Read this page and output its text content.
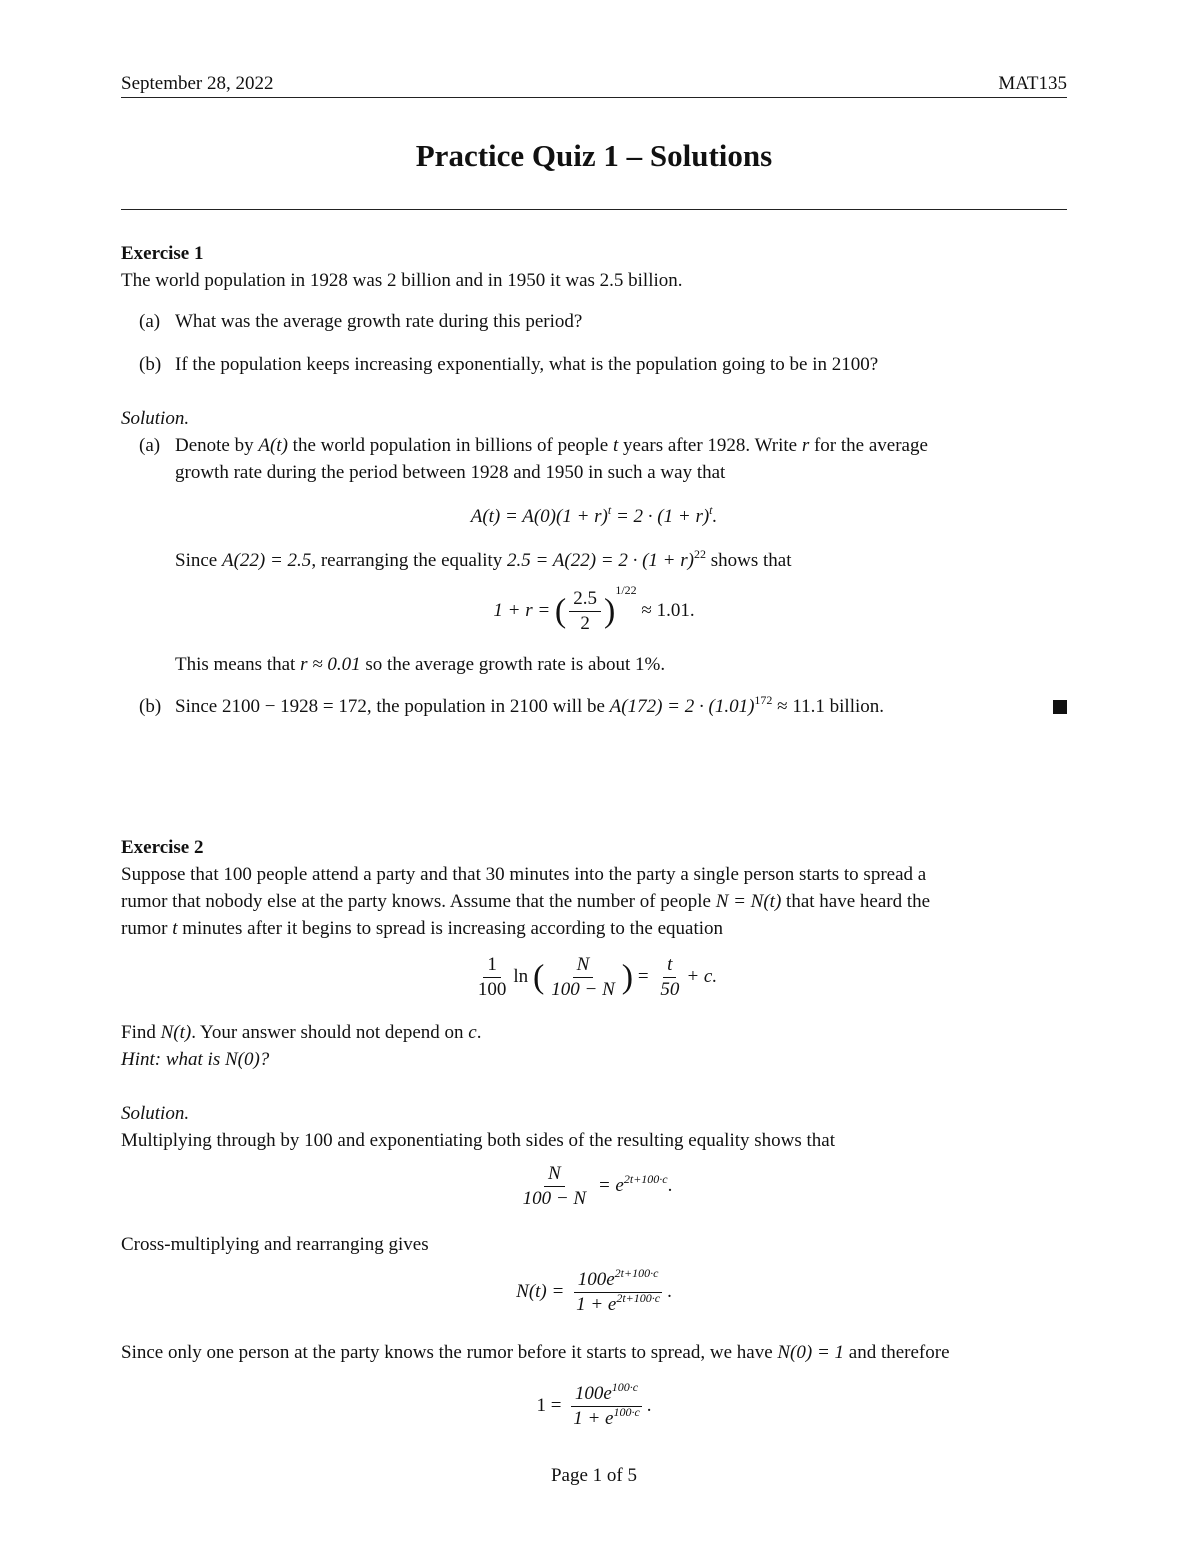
September 28, 2022	MAT135
Practice Quiz 1 – Solutions
Exercise 1
The world population in 1928 was 2 billion and in 1950 it was 2.5 billion.
(a) What was the average growth rate during this period?
(b) If the population keeps increasing exponentially, what is the population going to be in 2100?
Solution.
(a) Denote by A(t) the world population in billions of people t years after 1928. Write r for the average
growth rate during the period between 1928 and 1950 in such a way that
$A(t) = A(0)(1 + r)^t = 2 \cdot (1 + r)^t$.
Since A(22) = 2.5, rearranging the equality $2.5 = A(22) = 2 \cdot (1 + r)^{22}$ shows that
1 + r = ( $\frac{2.5}{2} )^{1/22} \approx 1.01$.
This means that r ≈ 0.01 so the average growth rate is about 1%.
(b) Since 2100 − 1928 = 172, the population in 2100 will be $A(172) = 2 \cdot (1.01)^{172} \approx 11.1$ billion.
Exercise 2
Suppose that 100 people attend a party and that 30 minutes into the party a single person starts to spread a
rumor that nobody else at the party knows. Assume that the number of people N = N(t) that have heard the
rumor t minutes after it begins to spread is increasing according to the equation
$\frac{1}{100}$ ln ( $\frac{N}{100 - N}$ ) = $\frac{t}{50} + c$.
Find N(t). Your answer should not depend on c.
Hint: what is N(0)?
Solution.
Multiplying through by 100 and exponentiating both sides of the resulting equality shows that
$\frac{N}{100 - N} = e^{2t+100\cdot c}$.
Cross-multiplying and rearranging gives
$N(t) = \frac{100e^{2t+100\cdot c}}{1 + e^{2t+100\cdot c}}$ .
Since only one person at the party knows the rumor before it starts to spread, we have N(0) = 1 and therefore
$1 = \frac{100e^{100\cdot c}}{1 + e^{100\cdot c}}$ .
Page 1 of 5
